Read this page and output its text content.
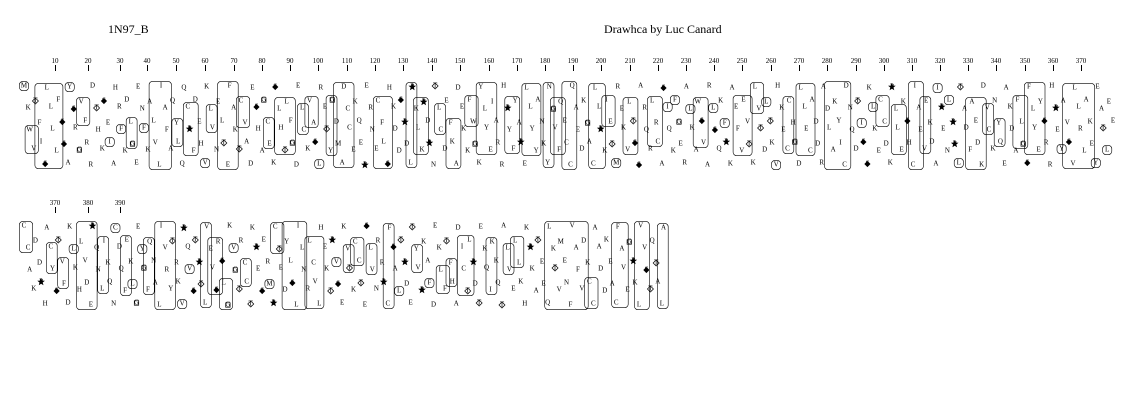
1N97_B	Drawhca by Luc Canard
10	20	30	40	50	60	70	80	90	100	110	120	130	140	150	160	170	180	190	200	210	220	230	240	250	260	270	280	290	300	310	320	330	340	350	360	370
370	380	390
M
K
W
V
T
F
I
S
L
L
L
L
F
S
S
A
Y
S
R
G
V
F
R
R
D
T
H
K
S
E
I
A
H
R
F
K
D
L
G
E
E
N
F
K
A
L
V
L
I
A
F
A
Q
Y
L
Q
Q
C
P
F
D
E
H
V
K
L
V
N
E
L
T
E
F
A
K
T
C
V
A
D
E
S
H
A
G
C
E
K
S
L
H
T
L
F
G
D
E
L
C
K
V
A
S
L
R
E
T
Y
G
D
M
A
D
C
C
E
K
Q
E
P
E
R
N
E
C
F
L
S
H
K
D
D
S
P
D
L
P
K
L
K
P
D
P
N
T
L
C
D
E
F
K
A
D
E
K
K
F
W
G
K
Y
L
Y
E
I
A
R
R
H
P
Y
F
Y
A
P
E
L
L
Y
Y
A
N
K
Y
N
G
V
F
Q
E
C
C
Q
A
E
D
K
G
A
C
L
L
P
K
I
E
T
M
R
E
K
V
L
T
S
S
A
R
Q
R
L
R
C
A
S
I
Q
K
F
G
E
R
A
L
K
A
W
S
V
A
R
L
S
Q
K
F
P
K
A
E
F
V
E
V
T
K
L
V
T
D
L
T
K
V
H
K
E
C
C
H
G
D
L
L
E
C
A
D
D
R
A
D
L
A
K
Y
I
C
D
N
Q
D
T
I
S
S
K
L
K
E
C
C
D
K
P
L
L
E
K
S
H
C
I
A
E
V
E
K
D
A
I
P
E
N
L
P
P
L
T
A
D
F
A
E
D
K
D
V
C
K
N
Y
Q
E
A
K
D
A
F
L
G
S
F
L
Y
E
Y
S
R
R
H
P
E
Y
A
V
S
V
L
L
R
L
A
K
E
Y
E
A
T
L
E
E
C
C
A
K
D
D
P
H
A
C
Y
S
T
V
F
D
K
L
K
H
L
V
D
E
P
Q
N
L
I
K
Q
N
C
D
Q
F
E
K
L
G
E
Y
G
F
Q
N
A
L
I
V
R
Y
T
R
K
V
P
Q
V
S
T
P
T
L
V
E
V
S
R
S
L
G
K
V
G
T
R
C
C
T
K
P
E
S
E
R
M
P
C
T
E
D
Y
L
S
L
I
L
N
R
L
C
V
L
H
E
K
T
P
V
S
E
K
V
T
K
C
C
T
E
S
L
V
N
R
R
P
C
F
S
A
L
T
P
D
E
T
Y
V
P
K
A
F
D
E
K
L
F
T
F
H
A
D
I
C
T
L
P
D
T
E
K
Q
I
K
K
Q
T
A
L
V
E
L
L
K
H
K
P
K
A
T
E
E
Q
L
K
T
V
M
E
N
F
V
A
F
V
D
K
C
C
A
A
D
D
K
E
A
C
F
A
V
E
G
P
K
L
V
V
S
T
Q
T
A
L
A
